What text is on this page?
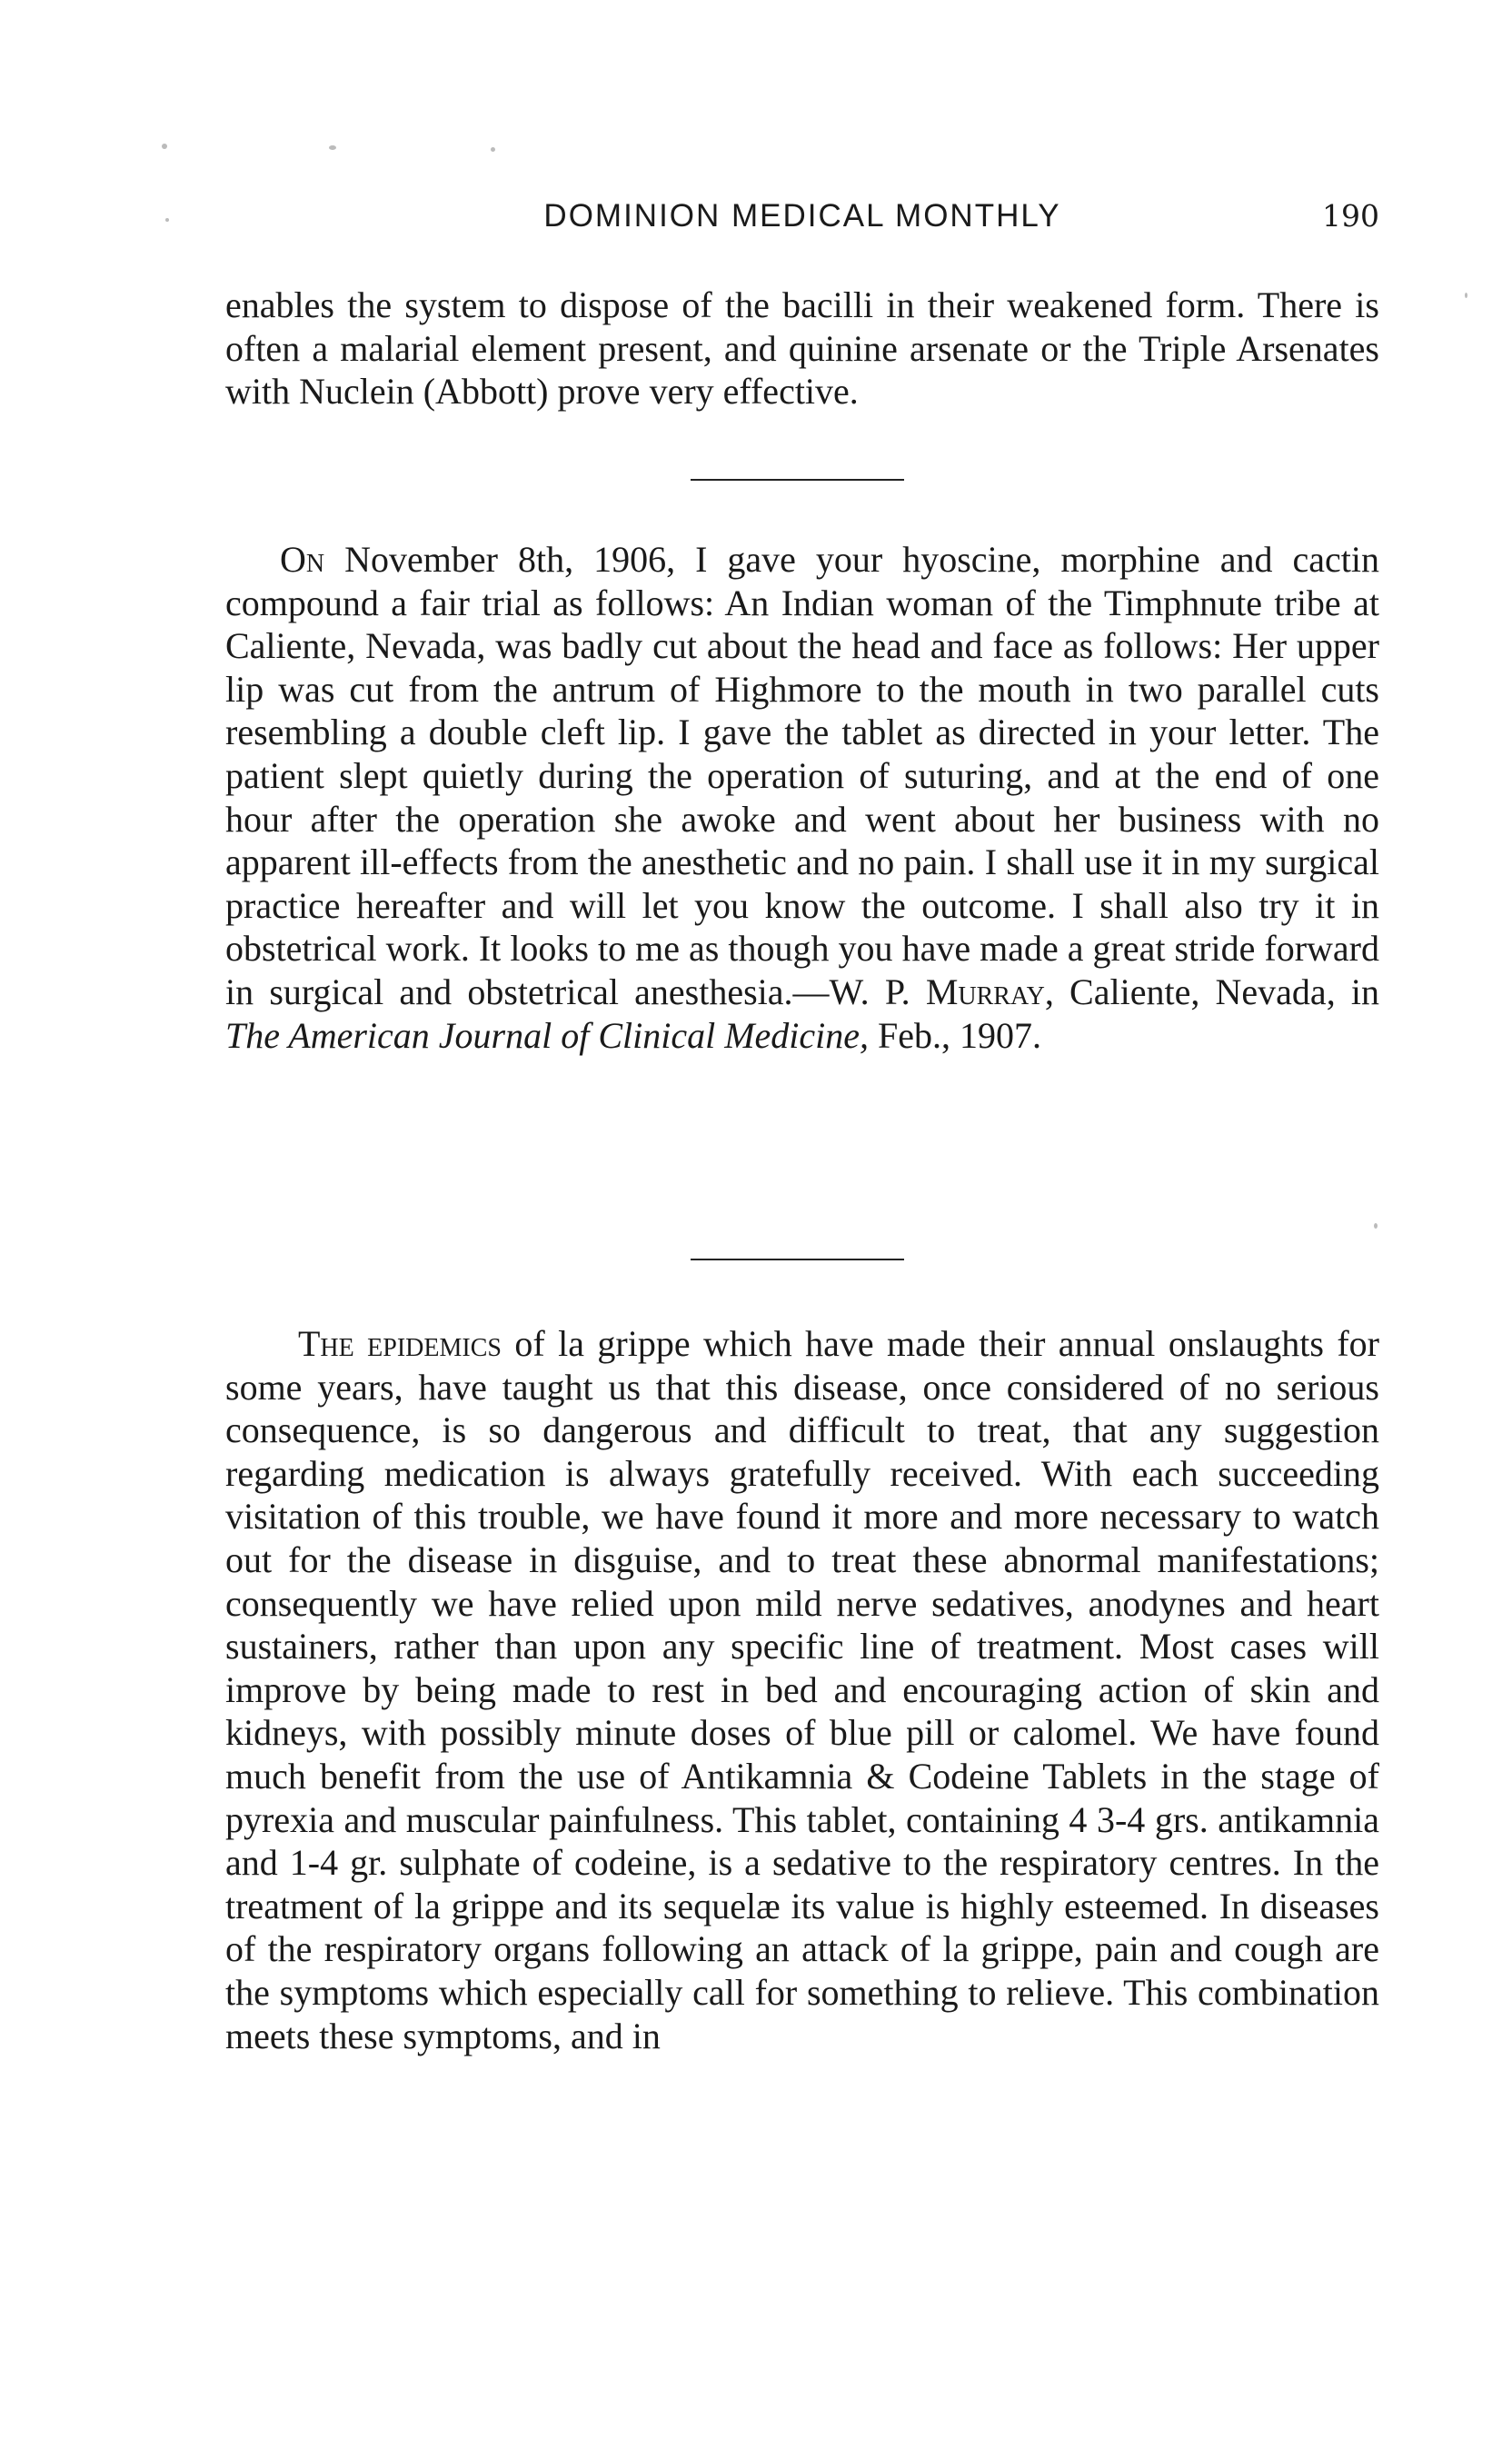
DOMINION MEDICAL MONTHLY	190

enables the system to dispose of the bacilli in their weakened form. There is often a malarial element present, and quinine arsenate or the Triple Arsenates with Nuclein (Abbott) prove very effective.

On November 8th, 1906, I gave your hyoscine, morphine and cactin compound a fair trial as follows: An Indian woman of the Timphnute tribe at Caliente, Nevada, was badly cut about the head and face as follows: Her upper lip was cut from the antrum of Highmore to the mouth in two parallel cuts resembling a double cleft lip. I gave the tablet as directed in your letter. The patient slept quietly during the operation of suturing, and at the end of one hour after the operation she awoke and went about her business with no apparent ill-effects from the anesthetic and no pain. I shall use it in my surgical practice hereafter and will let you know the outcome. I shall also try it in obstetrical work. It looks to me as though you have made a great stride forward in surgical and obstetrical anesthesia.—W. P. Murray, Caliente, Nevada, in The American Journal of Clinical Medicine, Feb., 1907.

The epidemics of la grippe which have made their annual onslaughts for some years, have taught us that this disease, once considered of no serious consequence, is so dangerous and difficult to treat, that any suggestion regarding medication is always gratefully received. With each succeeding visitation of this trouble, we have found it more and more necessary to watch out for the disease in disguise, and to treat these abnormal manifestations; consequently we have relied upon mild nerve sedatives, anodynes and heart sustainers, rather than upon any specific line of treatment. Most cases will improve by being made to rest in bed and encouraging action of skin and kidneys, with possibly minute doses of blue pill or calomel. We have found much benefit from the use of Antikamnia & Codeine Tablets in the stage of pyrexia and muscular painfulness. This tablet, containing 4 3-4 grs. antikamnia and 1-4 gr. sulphate of codeine, is a sedative to the respiratory centres. In the treatment of la grippe and its sequelæ its value is highly esteemed. In diseases of the respiratory organs following an attack of la grippe, pain and cough are the symptoms which especially call for something to relieve. This combination meets these symptoms, and in
